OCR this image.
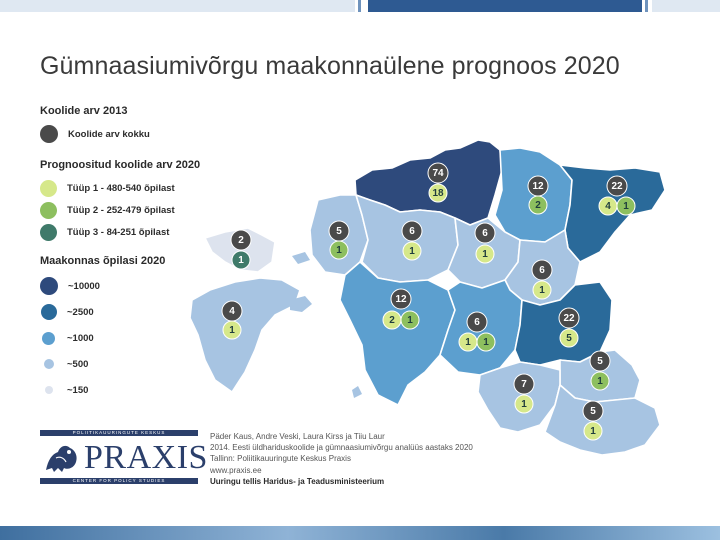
Gümnaasiumivõrgu maakonnaülene prognoos 2020
74
18
12
2
22
4 1
5
1
6
1
6
1
2
1
6
1
4
1
12
2 1	6
1 1
22
5
5
1
7
1
5
1
Koolide arv 2013
Koolide arv kokku
Prognoositud koolide arv 2020
Tüüp 1 - 480-540 õpilast
Tüüp 2 - 252-479 õpilast
Tüüp 3 - 84-251 õpilast
Maakonnas õpilasi 2020
~10000
~2500
~1000
~500
~150
POLIITIKAUURINGUTE KESKUS
PRAXIS
CENTER FOR POLICY STUDIES
Päder Kaus, Andre Veski, Laura Kirss ja Tiiu Laur
2014. Eesti üldhariduskoolide ja gümnaasiumivõrgu analüüs aastaks 2020
Tallinn: Poliitikauuringute Keskus Praxis
www.praxis.ee
Uuringu tellis Haridus- ja Teadusministeerium
